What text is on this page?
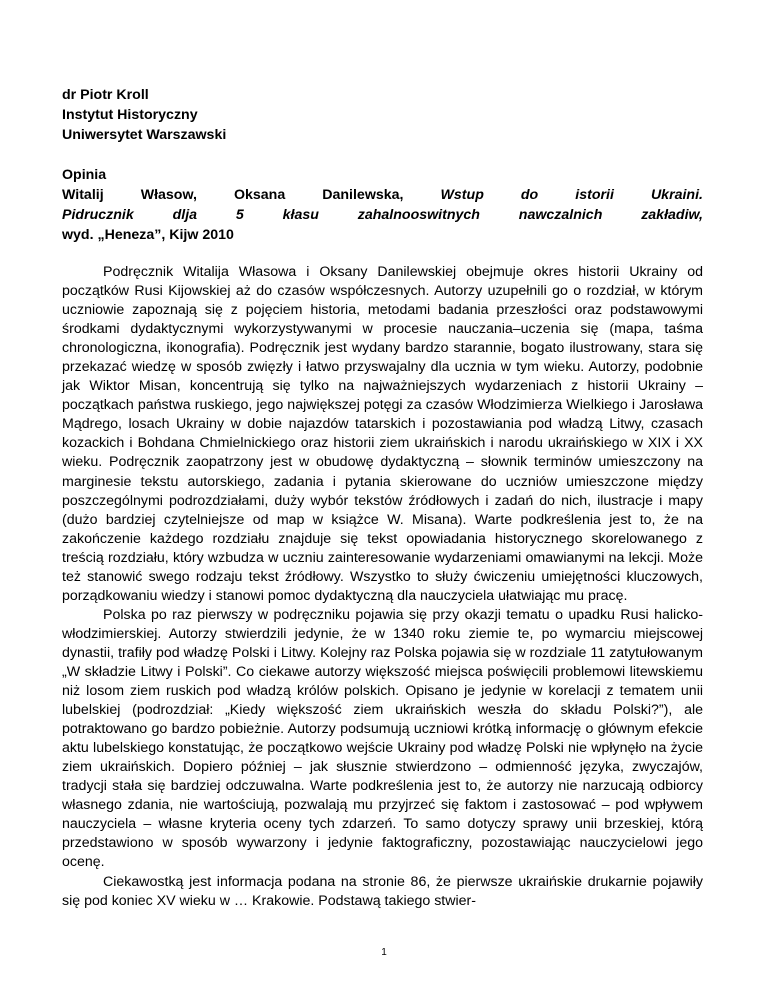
dr Piotr Kroll
Instytut Historyczny
Uniwersytet Warszawski
Opinia
Witalij	Własow,	Oksana	Danilewska,	Wstup	do	istorii	Ukraini.
Pidrucznik	dlja	5	kłasu	zahalnooswitnych	nawczalnich	zakładiw,
wyd. „Heneza”, Kijw 2010

Podręcznik Witalija Własowa i Oksany Danilewskiej obejmuje okres historii Ukrainy od początków Rusi Kijowskiej aż do czasów współczesnych. Autorzy uzupełnili go o rozdział, w którym uczniowie zapoznają się z pojęciem historia, metodami badania przeszłości oraz podstawowymi środkami dydaktycznymi wykorzystywanymi w procesie nauczania–uczenia się (mapa, taśma chronologiczna, ikonografia). Podręcznik jest wydany bardzo starannie, bogato ilustrowany, stara się przekazać wiedzę w sposób zwięzły i łatwo przyswajalny dla ucznia w tym wieku. Autorzy, podobnie jak Wiktor Misan, koncentrują się tylko na najważniejszych wydarzeniach z historii Ukrainy – początkach państwa ruskiego, jego największej potęgi za czasów Włodzimierza Wielkiego i Jarosława Mądrego, losach Ukrainy w dobie najazdów tatarskich i pozostawiania pod władzą Litwy, czasach kozackich i Bohdana Chmielnickiego oraz historii ziem ukraińskich i narodu ukraińskiego w XIX i XX wieku. Podręcznik zaopatrzony jest w obudowę dydaktyczną – słownik terminów umieszczony na marginesie tekstu autorskiego, zadania i pytania skierowane do uczniów umieszczone między poszczególnymi podrozdziałami, duży wybór tekstów źródłowych i zadań do nich, ilustracje i mapy (dużo bardziej czytelniejsze od map w książce W. Misana). Warte podkreślenia jest to, że na zakończenie każdego rozdziału znajduje się tekst opowiadania historycznego skorelowanego z treścią rozdziału, który wzbudza w uczniu zainteresowanie wydarzeniami omawianymi na lekcji. Może też stanowić swego rodzaju tekst źródłowy. Wszystko to służy ćwiczeniu umiejętności kluczowych, porządkowaniu wiedzy i stanowi pomoc dydaktyczną dla nauczyciela ułatwiając mu pracę.

Polska po raz pierwszy w podręczniku pojawia się przy okazji tematu o upadku Rusi halicko-włodzimierskiej. Autorzy stwierdzili jedynie, że w 1340 roku ziemie te, po wymarciu miejscowej dynastii, trafiły pod władzę Polski i Litwy. Kolejny raz Polska pojawia się w rozdziale 11 zatytułowanym „W składzie Litwy i Polski”. Co ciekawe autorzy większość miejsca poświęcili problemowi litewskiemu niż losom ziem ruskich pod władzą królów polskich. Opisano je jedynie w korelacji z tematem unii lubelskiej (podrozdział: „Kiedy większość ziem ukraińskich weszła do składu Polski?”), ale potraktowano go bardzo pobieżnie. Autorzy podsumują uczniowi krótką informację o głównym efekcie aktu lubelskiego konstatując, że początkowo wejście Ukrainy pod władzę Polski nie wpłynęło na życie ziem ukraińskich. Dopiero później – jak słusznie stwierdzono – odmienność języka, zwyczajów, tradycji stała się bardziej odczuwalna. Warte podkreślenia jest to, że autorzy nie narzucają odbiorcy własnego zdania, nie wartościują, pozwalają mu przyjrzeć się faktom i zastosować – pod wpływem nauczyciela – własne kryteria oceny tych zdarzeń. To samo dotyczy sprawy unii brzeskiej, którą przedstawiono w sposób wywarzony i jedynie faktograficzny, pozostawiając nauczycielowi jego ocenę.

Ciekawostką jest informacja podana na stronie 86, że pierwsze ukraińskie drukarnie pojawiły się pod koniec XV wieku w … Krakowie. Podstawą takiego stwier-

1
